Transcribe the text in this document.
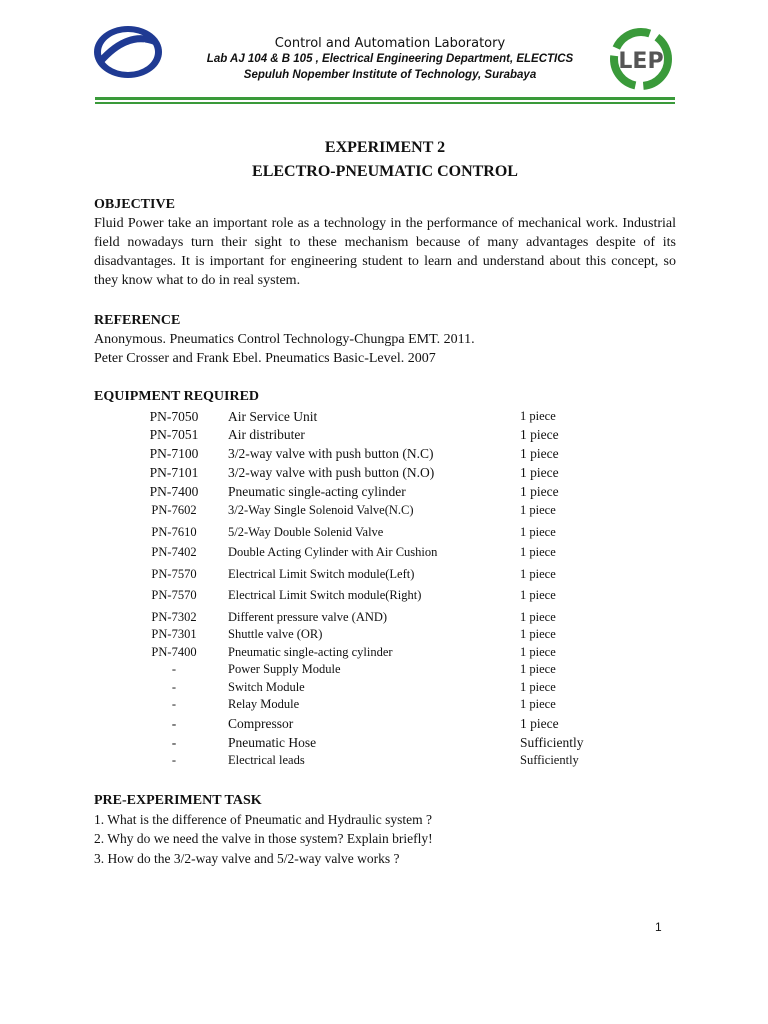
elektro - its	Control and Automation Laboratory
Lab AJ 104 & B 105 , Electrical Engineering Department, ELECTICS
Sepuluh Nopember Institute of Technology, Surabaya
LEP
EXPERIMENT 2
ELECTRO-PNEUMATIC CONTROL
OBJECTIVE
Fluid Power take an important role as a technology in the performance of mechanical work. Industrial field nowadays turn their sight to these mechanism because of many advantages despite of its disadvantages. It is important for engineering student to learn and understand about this concept, so they know what to do in real system.
REFERENCE
Anonymous. Pneumatics Control Technology-Chungpa EMT. 2011.
Peter Crosser and Frank Ebel. Pneumatics Basic-Level. 2007
EQUIPMENT REQUIRED
PN-7050	Air Service Unit	1 piece
PN-7051	Air distributer	1 piece
PN-7100	3/2-way valve with push button (N.C)	1 piece
PN-7101	3/2-way valve with push button (N.O)	1 piece
PN-7400	Pneumatic single-acting cylinder	1 piece
PN-7602	3/2-Way Single Solenoid Valve(N.C)	1 piece
PN-7610	5/2-Way Double Solenid Valve	1 piece
PN-7402	Double Acting Cylinder with Air Cushion	1 piece
PN-7570	Electrical Limit Switch module(Left)	1 piece
PN-7570	Electrical Limit Switch module(Right)	1 piece
PN-7302	Different pressure valve (AND)	1 piece
PN-7301	Shuttle valve (OR)	1 piece
PN-7400	Pneumatic single-acting cylinder	1 piece
-	Power Supply Module	1 piece
-	Switch Module	1 piece
-	Relay Module	1 piece
-	Compressor	1 piece
-	Pneumatic Hose	Sufficiently
-	Electrical leads	Sufficiently
PRE-EXPERIMENT TASK
1. What is the difference of Pneumatic and Hydraulic system ?
2. Why do we need the valve in those system? Explain briefly!
3. How do the 3/2-way valve and 5/2-way valve works ?
1
